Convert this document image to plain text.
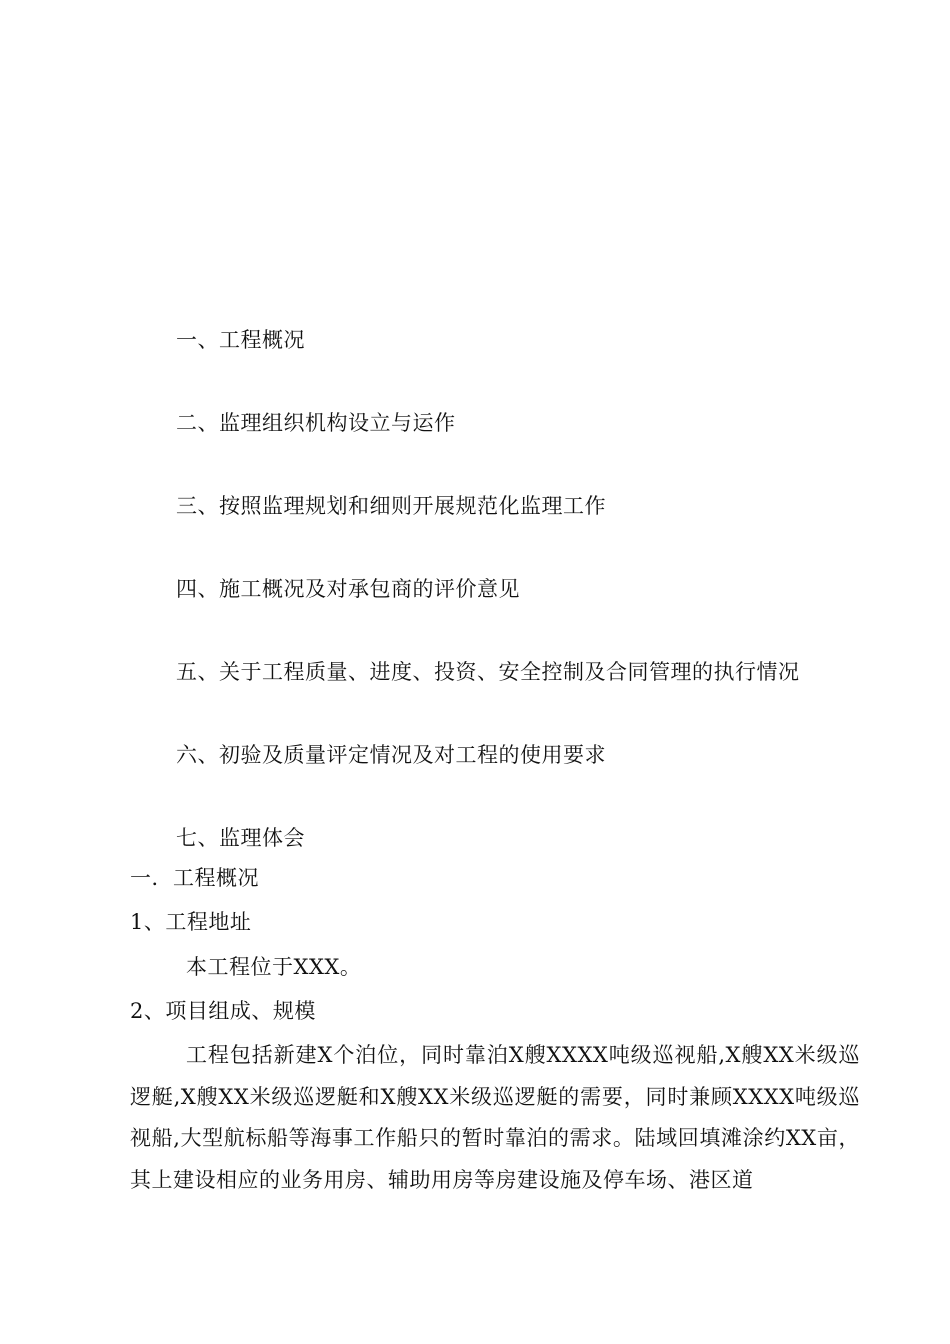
一、工程概况
二、监理组织机构设立与运作
三、按照监理规划和细则开展规范化监理工作
四、施工概况及对承包商的评价意见
五、关于工程质量、进度、投资、安全控制及合同管理的执行情况
六、初验及质量评定情况及对工程的使用要求
七、监理体会
一．工程概况
1、工程地址
本工程位于XXX。
2、项目组成、规模
工程包括新建X个泊位，同时靠泊X艘XXXX吨级巡视船,X艘XX米级巡逻艇,X艘XX米级巡逻艇和X艘XX米级巡逻艇的需要，同时兼顾XXXX吨级巡视船,大型航标船等海事工作船只的暂时靠泊的需求。陆域回填滩涂约XX亩，其上建设相应的业务用房、辅助用房等房建设施及停车场、港区道
